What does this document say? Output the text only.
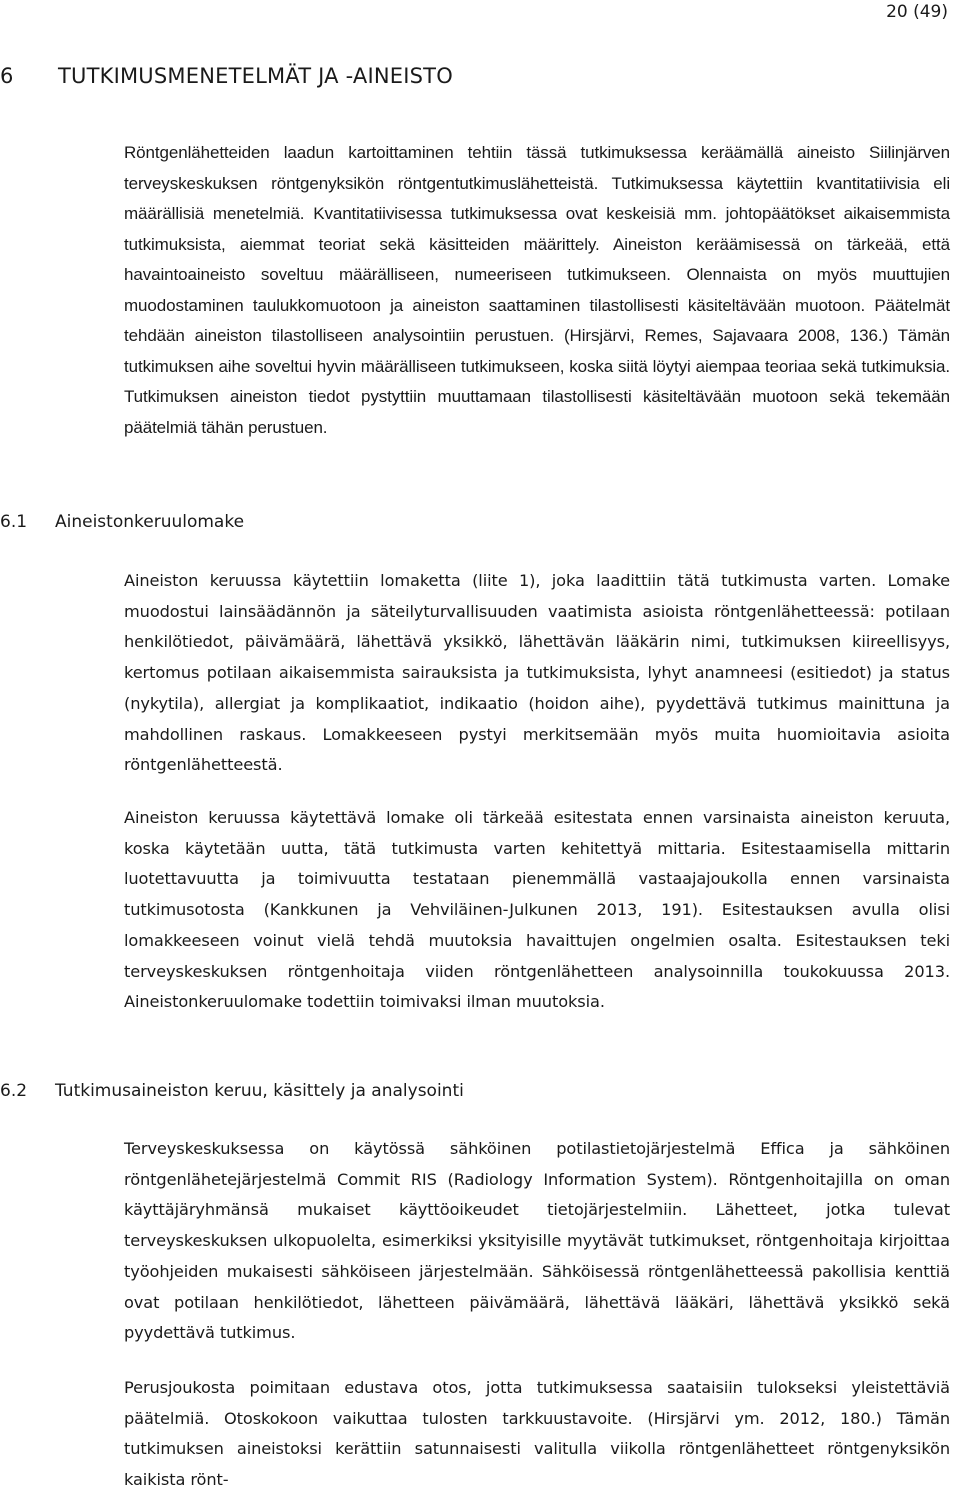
20 (49)
6 TUTKIMUSMENETELMÄT JA -AINEISTO

Röntgenlähetteiden laadun kartoittaminen tehtiin tässä tutkimuksessa keräämällä aineisto Siilinjärven terveyskeskuksen röntgenyksikön röntgentutkimuslähetteistä. Tutkimuksessa käytettiin kvantitatiivisia eli määrällisiä menetelmiä. Kvantitatiivisessa tutkimuksessa ovat keskeisiä mm. johtopäätökset aikaisemmista tutkimuksista, aiemmat teoriat sekä käsitteiden määrittely. Aineiston keräämisessä on tärkeää, että havaintoaineisto soveltuu määrälliseen, numeeriseen tutkimukseen. Olennaista on myös muuttujien muodostaminen taulukkomuotoon ja aineiston saattaminen tilastollisesti käsiteltävään muotoon. Päätelmät tehdään aineiston tilastolliseen analysointiin perustuen. (Hirsjärvi, Remes, Sajavaara 2008, 136.) Tämän tutkimuksen aihe soveltui hyvin määrälliseen tutkimukseen, koska siitä löytyi aiempaa teoriaa sekä tutkimuksia. Tutkimuksen aineiston tiedot pystyttiin muuttamaan tilastollisesti käsiteltävään muotoon sekä tekemään päätelmiä tähän perustuen.

6.1 Aineistonkeruulomake

Aineiston keruussa käytettiin lomaketta (liite 1), joka laadittiin tätä tutkimusta varten. Lomake muodostui lainsäädännön ja säteilyturvallisuuden vaatimista asioista röntgenlähetteessä: potilaan henkilötiedot, päivämäärä, lähettävä yksikkö, lähettävän lääkärin nimi, tutkimuksen kiireellisyys, kertomus potilaan aikaisemmista sairauksista ja tutkimuksista, lyhyt anamneesi (esitiedot) ja status (nykytila), allergiat ja komplikaatiot, indikaatio (hoidon aihe), pyydettävä tutkimus mainittuna ja mahdollinen raskaus. Lomakkeeseen pystyi merkitsemään myös muita huomioitavia asioita röntgenlähetteestä.

Aineiston keruussa käytettävä lomake oli tärkeää esitestata ennen varsinaista aineiston keruuta, koska käytetään uutta, tätä tutkimusta varten kehitettyä mittaria. Esitestaamisella mittarin luotettavuutta ja toimivuutta testataan pienemmällä vastaajajoukolla ennen varsinaista tutkimusotosta (Kankkunen ja Vehviläinen-Julkunen 2013, 191). Esitestauksen avulla olisi lomakkeeseen voinut vielä tehdä muutoksia havaittujen ongelmien osalta. Esitestauksen teki terveyskeskuksen röntgenhoitaja viiden röntgenlähetteen analysoinnilla toukokuussa 2013. Aineistonkeruulomake todettiin toimivaksi ilman muutoksia.

6.2 Tutkimusaineiston keruu, käsittely ja analysointi

Terveyskeskuksessa on käytössä sähköinen potilastietojärjestelmä Effica ja sähköinen röntgenlähetejärjestelmä Commit RIS (Radiology Information System). Röntgenhoitajilla on oman käyttäjäryhmänsä mukaiset käyttöoikeudet tietojärjestelmiin. Lähetteet, jotka tulevat terveyskeskuksen ulkopuolelta, esimerkiksi yksityisille myytävät tutkimukset, röntgenhoitaja kirjoittaa työohjeiden mukaisesti sähköiseen järjestelmään. Sähköisessä röntgenlähetteessä pakollisia kenttiä ovat potilaan henkilötiedot, lähetteen päivämäärä, lähettävä lääkäri, lähettävä yksikkö sekä pyydettävä tutkimus.

Perusjoukosta poimitaan edustava otos, jotta tutkimuksessa saataisiin tulokseksi yleistettäviä päätelmiä. Otoskokoon vaikuttaa tulosten tarkkuustavoite. (Hirsjärvi ym. 2012, 180.) Tämän tutkimuksen aineistoksi kerättiin satunnaisesti valitulla viikolla röntgenlähetteet röntgenyksikön kaikista rönt-
